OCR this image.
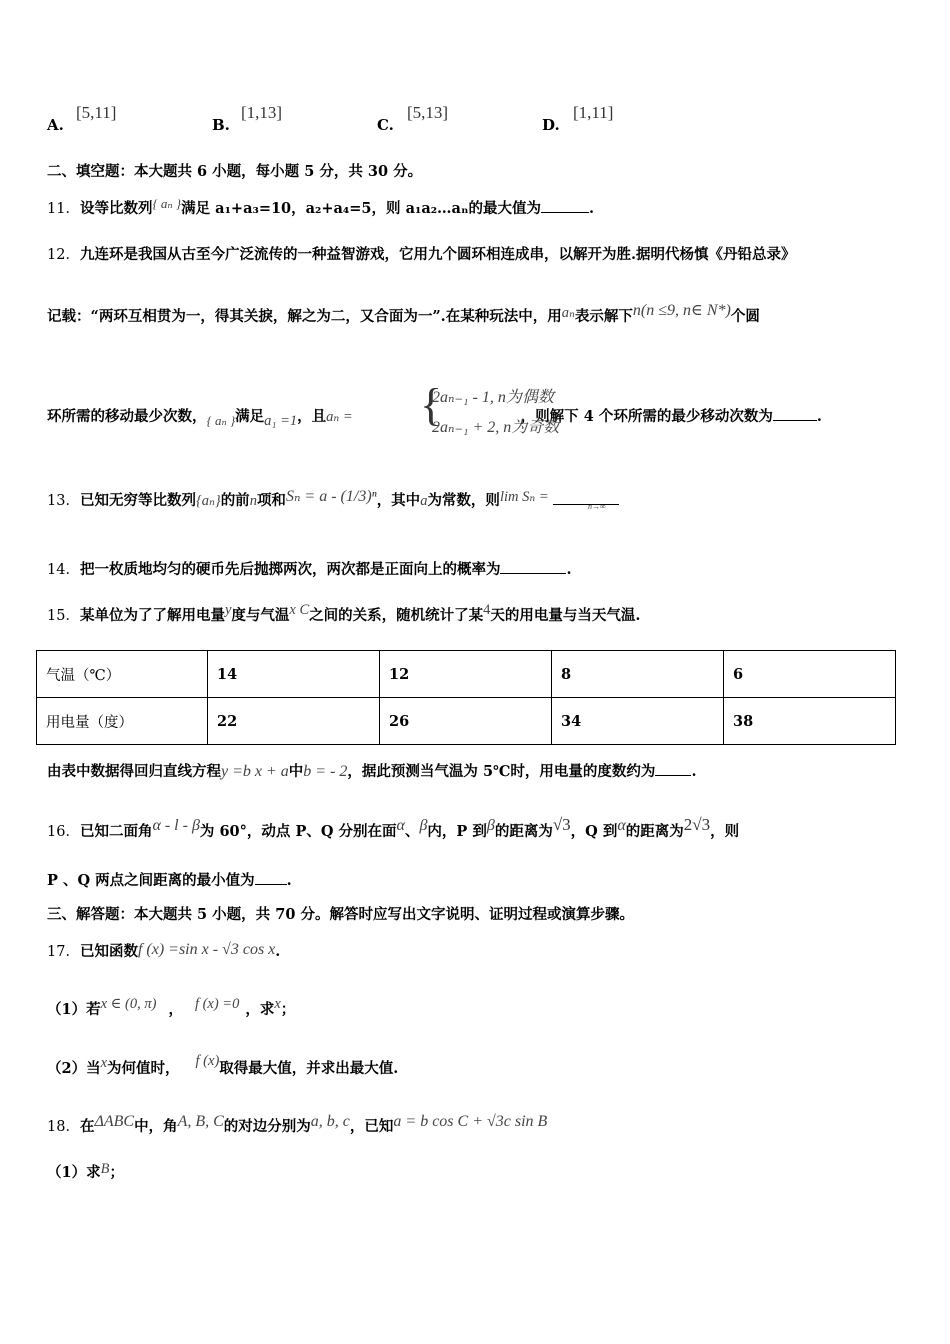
A.
[5,11]
B.
[1,13]
C.
[5,13]
D.
[1,11]
二、填空题：本大题共 6 小题，每小题 5 分，共 30 分。
11．设等比数列{ aₙ }满足 a₁+a₃=10，a₂+a₄=5，则 a₁a₂…aₙ的最大值为	.
12．九连环是我国从古至今广泛流传的一种益智游戏，它用九个圆环相连成串，以解开为胜.据明代杨慎《丹铅总录》
记载：“两环互相贯为一，得其关捩，解之为二，又合面为一”.在某种玩法中，用aₙ表示解下n(n ≤9, n∈ N*)个圆
环所需的移动最少次数，{ aₙ }满足a₁ =1，且aₙ =	，则解下 4 个环所需的最少移动次数为	.
{
2aₙ₋₁ - 1, n为偶数
2aₙ₋₁ + 2, n为奇数
13．已知无穷等比数列{aₙ}的前n项和Sₙ = a - (1/3)ⁿ，其中a为常数，则lim Sₙ =
n→∞
14．把一枚质地均匀的硬币先后抛掷两次，两次都是正面向上的概率为	.
15．某单位为了了解用电量y度与气温x C之间的关系，随机统计了某4天的用电量与当天气温.
气温（℃）	14	12	8	6
用电量（度）	22	26	34	38
由表中数据得回归直线方程y =b x + a中b = - 2，据此预测当气温为 5℃时，用电量的度数约为 .
16．已知二面角α - l - β为 60°，动点 P、Q 分别在面α、β内，P 到β的距离为√3，Q 到α的距离为2√3，则
P 、Q 两点之间距离的最小值为 .
三、解答题：本大题共 5 小题，共 70 分。解答时应写出文字说明、证明过程或演算步骤。
17．已知函数f (x) =sin x - √3 cos x.
（1）若x ∈ (0, π) ， f (x) =0 ，求x；
（2）当x为何值时， f (x)取得最大值，并求出最大值.
18．在ΔABC中，角A, B, C的对边分别为a, b, c，已知a = b cos C + √3c sin B
（1）求B；
